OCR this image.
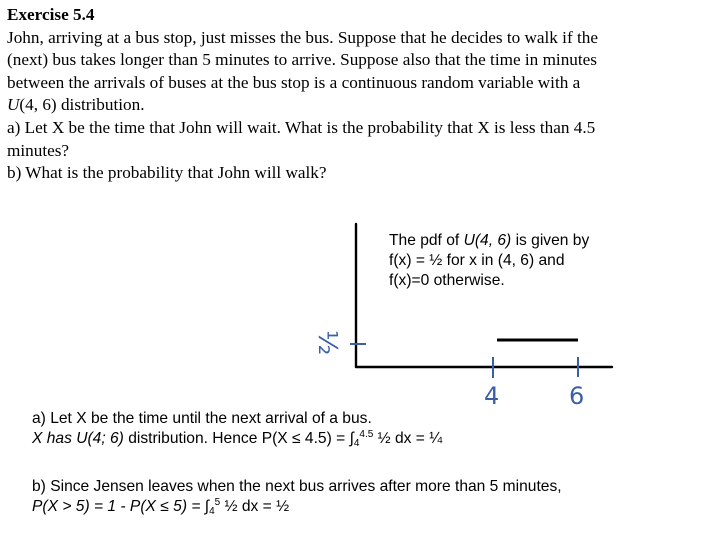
Exercise 5.4

John, arriving at a bus stop, just misses the bus. Suppose that he decides to walk if the

(next) bus takes longer than 5 minutes to arrive. Suppose also that the time in minutes

between the arrivals of buses at the bus stop is a continuous random variable with a

U(4, 6) distribution.

a) Let X be the time that John will wait. What is the probability that X is less than 4.5

minutes?

b) What is the probability that John will walk?

½
4	6

The pdf of U(4, 6) is given by

f(x) = ½ for x in (4, 6) and

f(x)=0 otherwise.

a) Let X be the time until the next arrival of a bus.

X has U(4; 6) distribution. Hence $P(X \le 4.5) = \int_4^{4.5}$ ½ dx = ¼

b) Since Jensen leaves when the next bus arrives after more than 5 minutes,

$P(X > 5) = 1 - P(X \le 5) = \int_4^5$ ½ dx = ½
